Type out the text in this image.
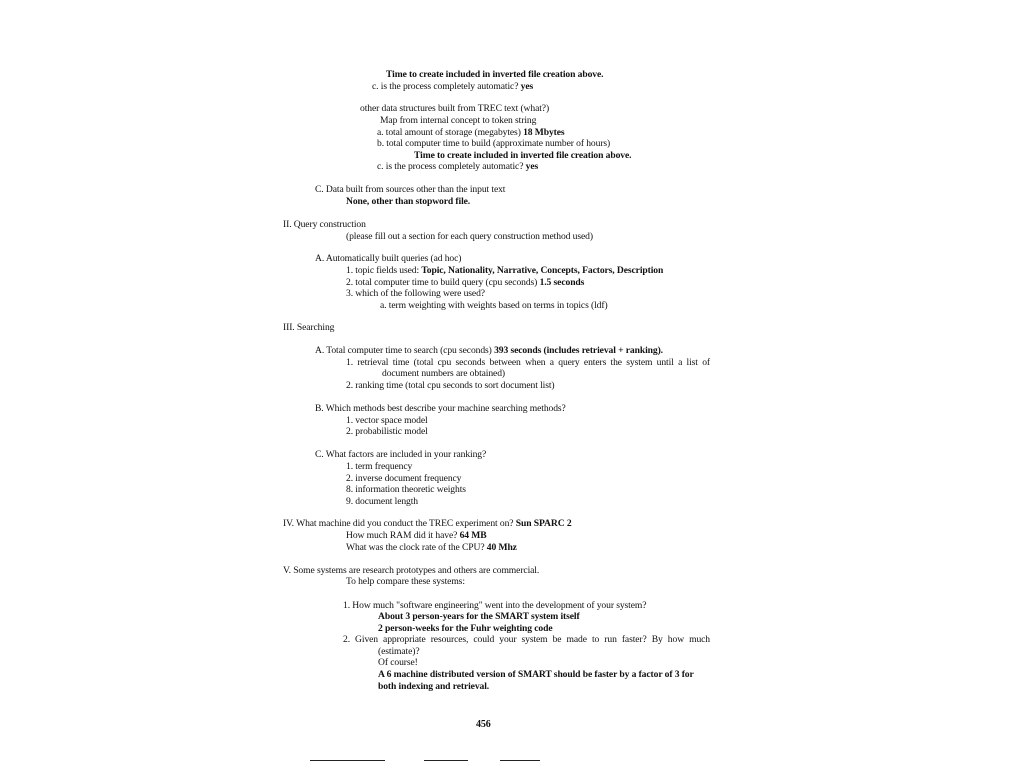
Time to create included in inverted file creation above.
c. is the process completely automatic? yes
other data structures built from TREC text (what?)
Map from internal concept to token string
a. total amount of storage (megabytes) 18 Mbytes
b. total computer time to build (approximate number of hours)
Time to create included in inverted file creation above.
c. is the process completely automatic? yes
C. Data built from sources other than the input text
None, other than stopword file.
II. Query construction
(please fill out a section for each query construction method used)
A. Automatically built queries (ad hoc)
1. topic fields used: Topic, Nationality, Narrative, Concepts, Factors, Description
2. total computer time to build query (cpu seconds) 1.5 seconds
3. which of the following were used?
a. term weighting with weights based on terms in topics (ldf)
III. Searching
A. Total computer time to search (cpu seconds) 393 seconds (includes retrieval + ranking).
1. retrieval time (total cpu seconds between when a query enters the system until a list of
document numbers are obtained)
2. ranking time (total cpu seconds to sort document list)
B. Which methods best describe your machine searching methods?
1. vector space model
2. probabilistic model
C. What factors are included in your ranking?
1. term frequency
2. inverse document frequency
8. information theoretic weights
9. document length
IV. What machine did you conduct the TREC experiment on? Sun SPARC 2
How much RAM did it have? 64 MB
What was the clock rate of the CPU? 40 Mhz
V. Some systems are research prototypes and others are commercial.
To help compare these systems:
1. How much "software engineering" went into the development of your system?
About 3 person-years for the SMART system itself
2 person-weeks for the Fuhr weighting code
2. Given appropriate resources, could your system be made to run faster? By how much
(estimate)?
Of course!
A 6 machine distributed version of SMART should be faster by a factor of 3 for
both indexing and retrieval.
456
